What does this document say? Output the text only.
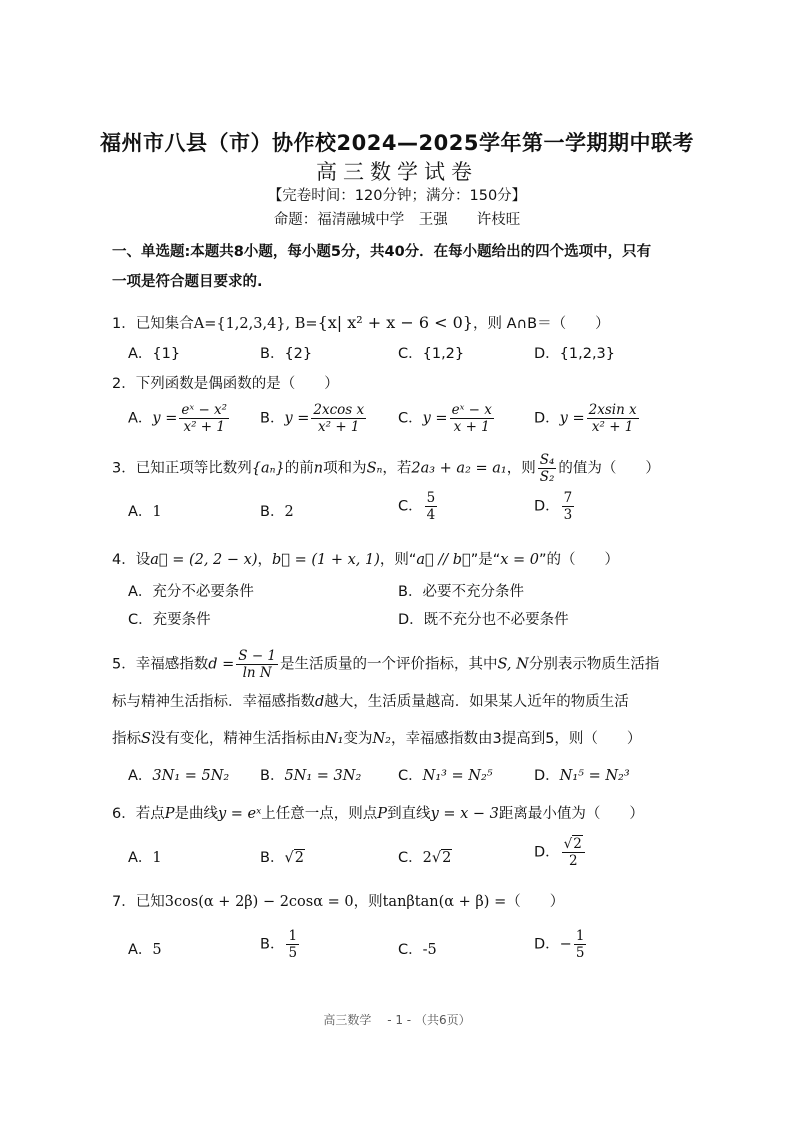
福州市八县（市）协作校2024—2025学年第一学期期中联考
高三数学试卷
【完卷时间：120分钟；满分：150分】
命题：福清融城中学　王强　　许枝旺
一、单选题:本题共8小题，每小题5分，共40分．在每小题给出的四个选项中，只有
一项是符合题目要求的.
1．已知集合A={1,2,3,4}, B={x| x² + x − 6 < 0}，则 A∩B＝（　　）
A．{1}	B．{2}	C．{1,2}	D．{1,2,3}
2．下列函数是偶函数的是（　　）
A．$y = \frac{\text{eˣ − x²}}{\text{x² + 1}}$ B．$y = \frac{\text{2xcos x}}{\text{x² + 1}}$ C．$y = \frac{\text{eˣ − x}}{x + 1}$	D．$y = \frac{\text{2xsin x}}{\text{x² + 1}}$
3．已知正项等比数列{aₙ}的前n项和为Sₙ，若2a₃ + a₂ = a₁，则 $\frac{\text{S₄}}{\text{S₂}}$ 的值为（　　）
A．1	B．2	C． $\frac{5}{4}$	D． $\frac{7}{3}$
4．设a⃗ = (2, 2 − x)，b⃗ = (1 + x, 1)，则“a⃗ // b⃗”是“x = 0”的（　　）
A．充分不必要条件	B．必要不充分条件
C．充要条件	D．既不充分也不必要条件
5．幸福感指数$d = \frac{S - 1}{\text{ln N}}$ 是生活质量的一个评价指标，其中S, N分别表示物质生活指
标与精神生活指标．幸福感指数d越大，生活质量越高．如果某人近年的物质生活
指标S没有变化，精神生活指标由N₁变为N₂，幸福感指数由3提高到5，则（　　）
A．3N₁ = 5N₂ B．5N₁ = 3N₂	C．N₁³ = N₂⁵	D．N₁⁵ = N₂³
6．若点P是曲线y = eˣ上任意一点，则点P到直线y = x − 3距离最小值为（　　）
A．1	B．√2	C．2√2	D． $\frac{√2}{2}$
7．已知3cos(α + 2β) − 2cosα = 0，则tanβtan(α + β) =（　　）
A．5	B． $\frac{1}{5}$	C．-5	D．− $\frac{1}{5}$
高三数学　 - 1 - （共6页）
